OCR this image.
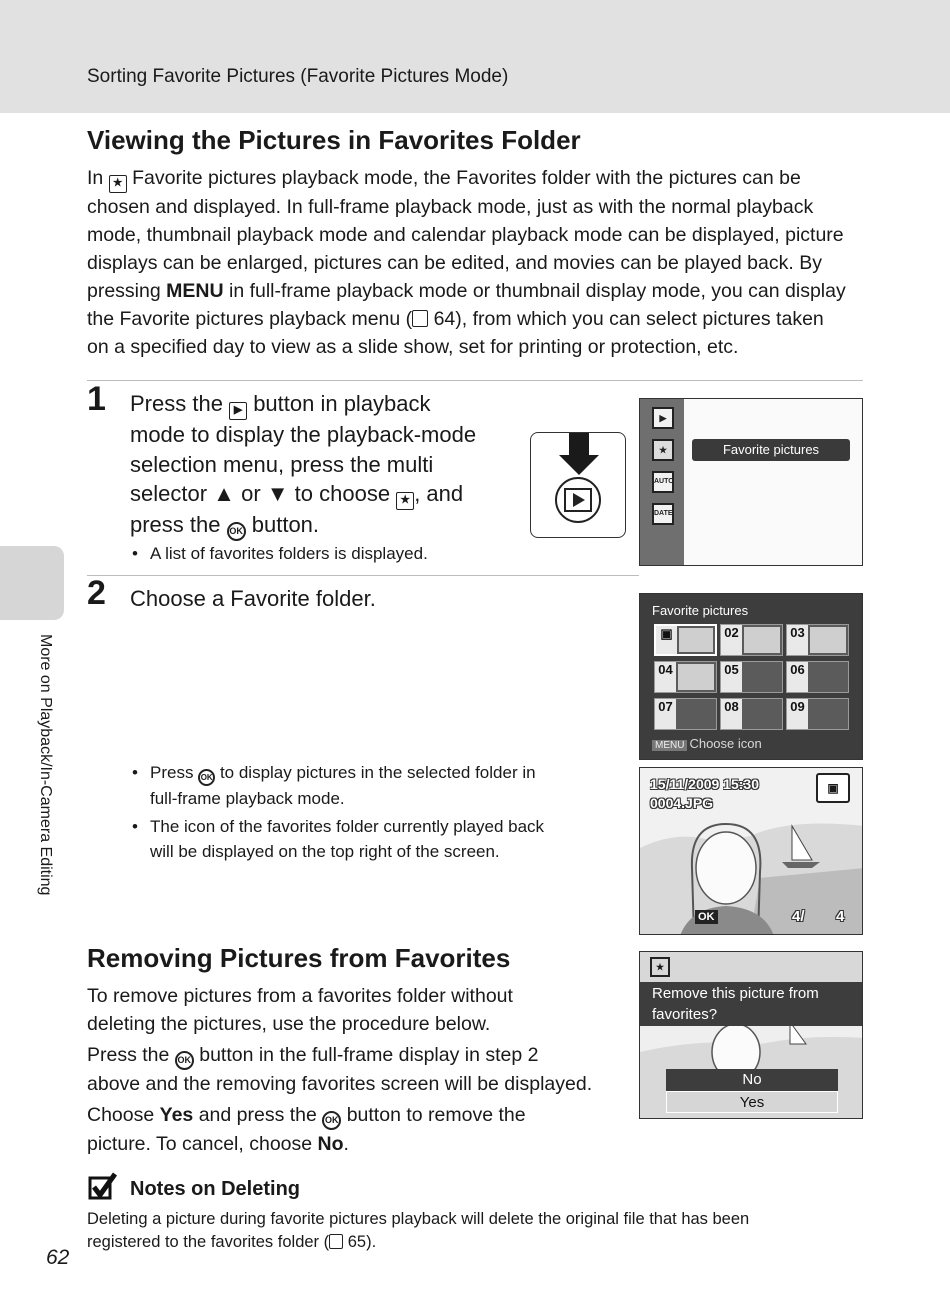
Sorting Favorite Pictures (Favorite Pictures Mode)
More on Playback/In-Camera Editing
Viewing the Pictures in Favorites Folder
In ★ Favorite pictures playback mode, the Favorites folder with the pictures can be
chosen and displayed. In full-frame playback mode, just as with the normal playback
mode, thumbnail playback mode and calendar playback mode can be displayed, picture
displays can be enlarged, pictures can be edited, and movies can be played back. By
pressing MENU in full-frame playback mode or thumbnail display mode, you can display
the Favorite pictures playback menu ( 64), from which you can select pictures taken
on a specified day to view as a slide show, set for printing or protection, etc.
1 Press the ▶ button in playback
mode to display the playback-mode
selection menu, press the multi
selector ▲ or ▼ to choose ★ , and
press the OK button.
• A list of favorites folders is displayed.
▶
★
AUTO
DATE
Favorite pictures
2 Choose a Favorite folder.	Favorite pictures
▣	02	03
04	05	06
07	08	09
MENU Choose icon
• Press OK to display pictures in the selected folder in
full-frame playback mode.
• The icon of the favorites folder currently played back
will be displayed on the top right of the screen.
15/11/2009 15:30
0004.JPG
▣
OK	4/ 4
Removing Pictures from Favorites
To remove pictures from a favorites folder without
deleting the pictures, use the procedure below.
Press the OK button in the full-frame display in step 2
above and the removing favorites screen will be displayed.
Choose Yes and press the OK button to remove the
picture. To cancel, choose No.
★
Remove this picture from
favorites?
No
Yes
Notes on Deleting
Deleting a picture during favorite pictures playback will delete the original file that has been
registered to the favorites folder ( 65).
62
